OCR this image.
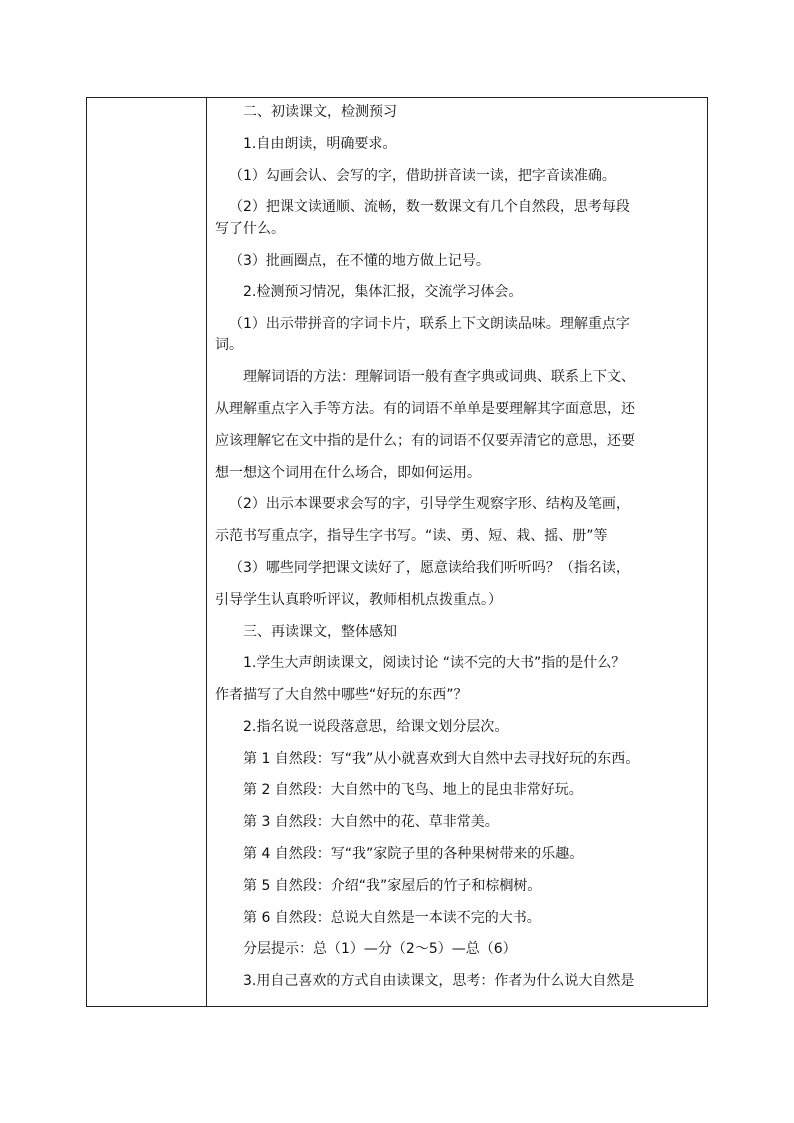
二、初读课文，检测预习

1.自由朗读，明确要求。

（1）勾画会认、会写的字，借助拼音读一读，把字音读准确。

（2）把课文读通顺、流畅，数一数课文有几个自然段，思考每段

写了什么。

（3）批画圈点，在不懂的地方做上记号。

2.检测预习情况，集体汇报，交流学习体会。

（1）出示带拼音的字词卡片，联系上下文朗读品味。理解重点字

词。

理解词语的方法：理解词语一般有查字典或词典、联系上下文、

从理解重点字入手等方法。有的词语不单单是要理解其字面意思，还

应该理解它在文中指的是什么；有的词语不仅要弄清它的意思，还要

想一想这个词用在什么场合，即如何运用。

（2）出示本课要求会写的字，引导学生观察字形、结构及笔画，

示范书写重点字，指导生字书写。“读、勇、短、栽、摇、册”等

（3）哪些同学把课文读好了，愿意读给我们听听吗？（指名读，

引导学生认真聆听评议，教师相机点拨重点。）

三、再读课文，整体感知

1.学生大声朗读课文，阅读讨论 “读不完的大书”指的是什么？

作者描写了大自然中哪些“好玩的东西”？

2.指名说一说段落意思，给课文划分层次。

第 1 自然段：写“我”从小就喜欢到大自然中去寻找好玩的东西。

第 2 自然段：大自然中的飞鸟、地上的昆虫非常好玩。

第 3 自然段：大自然中的花、草非常美。

第 4 自然段：写“我”家院子里的各种果树带来的乐趣。

第 5 自然段：介绍“我”家屋后的竹子和棕榈树。

第 6 自然段：总说大自然是一本读不完的大书。

分层提示：总（1）—分（2～5）—总（6）

3.用自己喜欢的方式自由读课文，思考：作者为什么说大自然是
